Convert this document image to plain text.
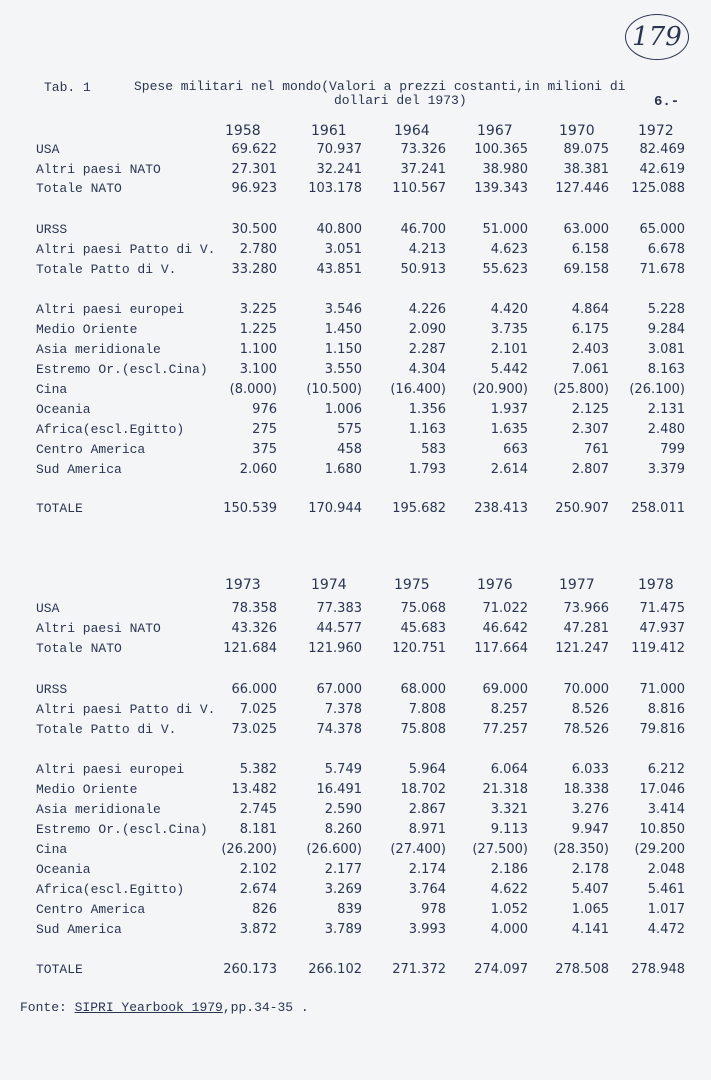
179
Tab. 1	Spese militari nel mondo(Valori a prezzi costanti,in milioni di
dollari del 1973)	6.-
1958	1961	1964	1967	1970	1972
USA	69.622	70.937	73.326	100.365	89.075	82.469
Altri paesi NATO	27.301	32.241	37.241	38.980	38.381	42.619
Totale NATO	96.923	103.178	110.567	139.343	127.446	125.088
URSS	30.500	40.800	46.700	51.000	63.000	65.000
Altri paesi Patto di V.	2.780	3.051	4.213	4.623	6.158	6.678
Totale Patto di V.	33.280	43.851	50.913	55.623	69.158	71.678
Altri paesi europei	3.225	3.546	4.226	4.420	4.864	5.228
Medio Oriente	1.225	1.450	2.090	3.735	6.175	9.284
Asia meridionale	1.100	1.150	2.287	2.101	2.403	3.081
Estremo Or.(escl.Cina)	3.100	3.550	4.304	5.442	7.061	8.163
Cina	(8.000)	(10.500)	(16.400)	(20.900)	(25.800)	(26.100)
Oceania	976	1.006	1.356	1.937	2.125	2.131
Africa(escl.Egitto)	275	575	1.163	1.635	2.307	2.480
Centro America	375	458	583	663	761	799
Sud America	2.060	1.680	1.793	2.614	2.807	3.379
TOTALE	150.539	170.944	195.682	238.413	250.907	258.011
1973	1974	1975	1976	1977	1978
USA	78.358	77.383	75.068	71.022	73.966	71.475
Altri paesi NATO	43.326	44.577	45.683	46.642	47.281	47.937
Totale NATO	121.684	121.960	120.751	117.664	121.247	119.412
URSS	66.000	67.000	68.000	69.000	70.000	71.000
Altri paesi Patto di V.	7.025	7.378	7.808	8.257	8.526	8.816
Totale Patto di V.	73.025	74.378	75.808	77.257	78.526	79.816
Altri paesi europei	5.382	5.749	5.964	6.064	6.033	6.212
Medio Oriente	13.482	16.491	18.702	21.318	18.338	17.046
Asia meridionale	2.745	2.590	2.867	3.321	3.276	3.414
Estremo Or.(escl.Cina)	8.181	8.260	8.971	9.113	9.947	10.850
Cina	(26.200)	(26.600)	(27.400)	(27.500)	(28.350)	(29.200
Oceania	2.102	2.177	2.174	2.186	2.178	2.048
Africa(escl.Egitto)	2.674	3.269	3.764	4.622	5.407	5.461
Centro America	826	839	978	1.052	1.065	1.017
Sud America	3.872	3.789	3.993	4.000	4.141	4.472
TOTALE	260.173	266.102	271.372	274.097	278.508	278.948
Fonte: SIPRI Yearbook 1979,pp.34-35 .
